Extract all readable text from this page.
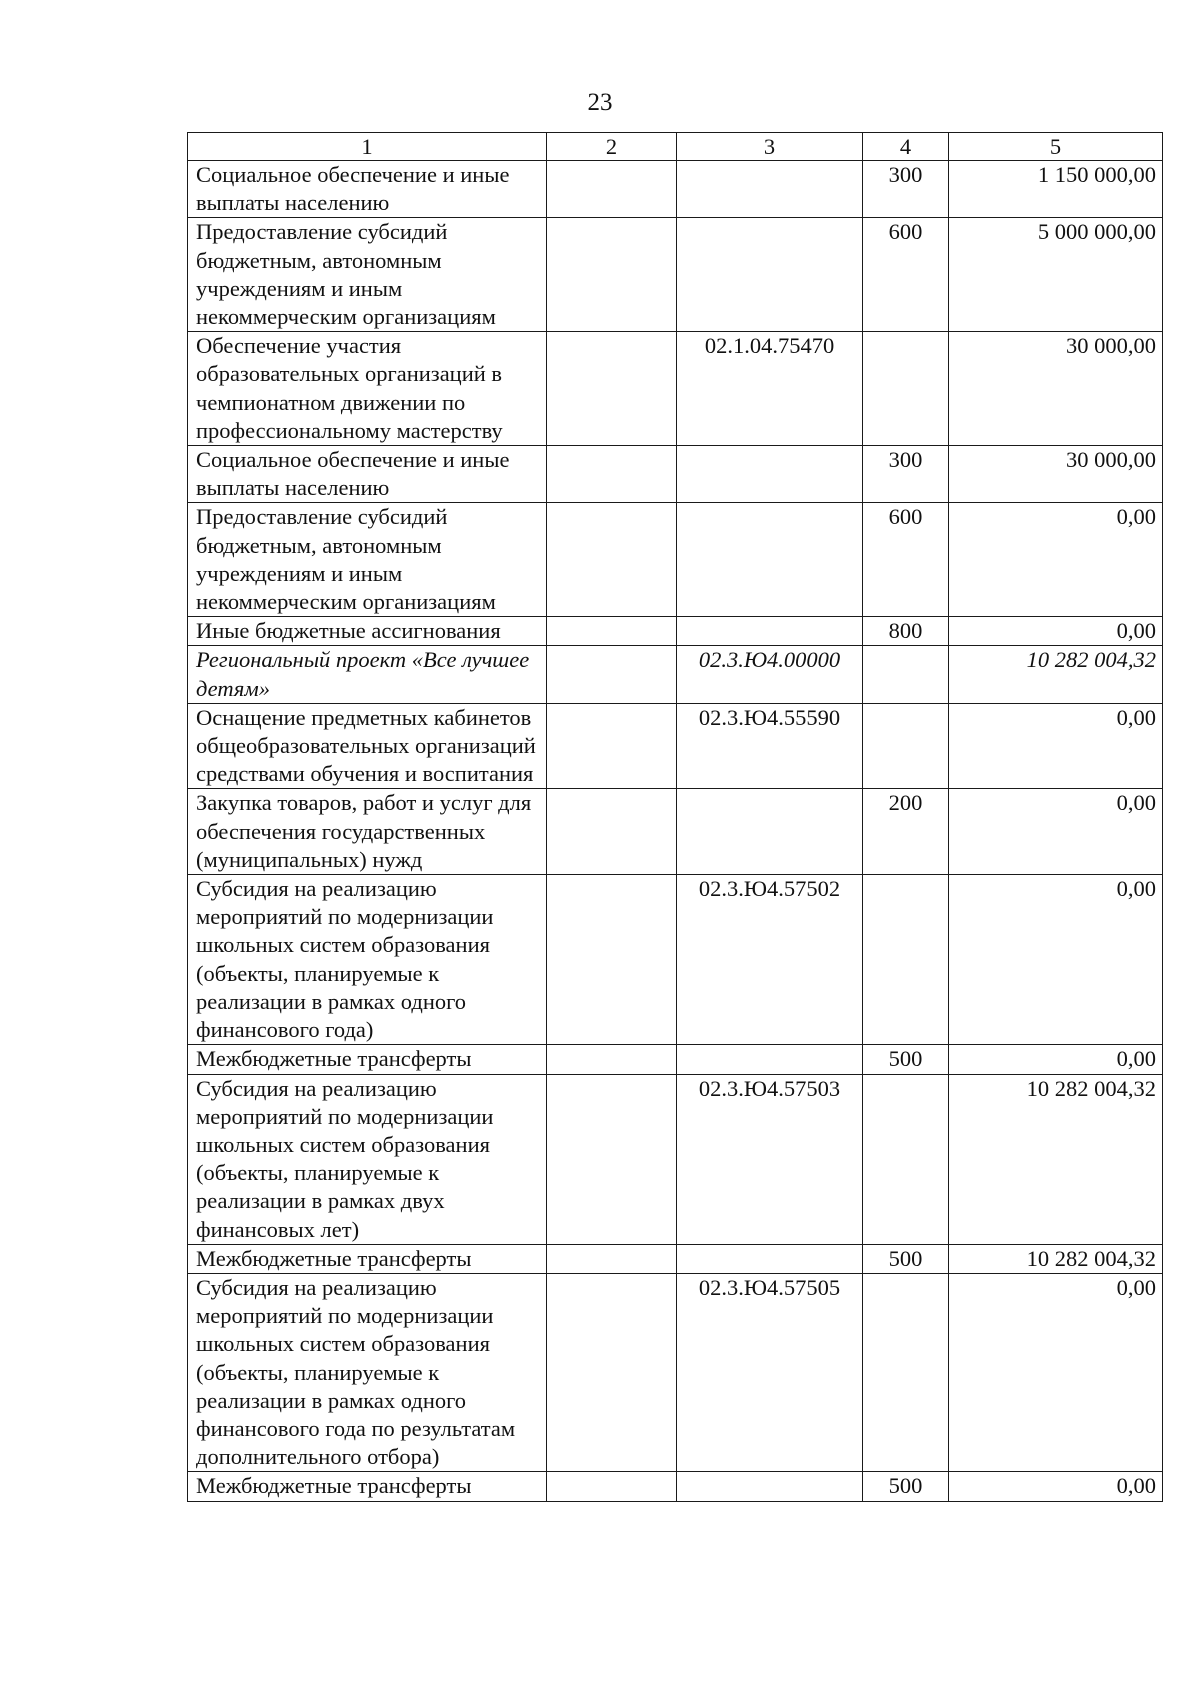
23
1	2	3	4	5
Социальное обеспечение и иные выплаты населению			300	1 150 000,00
Предоставление субсидий бюджетным, автономным учреждениям и иным некоммерческим организациям			600	5 000 000,00
Обеспечение участия образовательных организаций в чемпионатном движении по профессиональному мастерству		02.1.04.75470		30 000,00
Социальное обеспечение и иные выплаты населению			300	30 000,00
Предоставление субсидий бюджетным, автономным учреждениям и иным некоммерческим организациям			600	0,00
Иные бюджетные ассигнования			800	0,00
Региональный проект «Все лучшее детям»		02.3.Ю4.00000		10 282 004,32
Оснащение предметных кабинетов общеобразовательных организаций средствами обучения и воспитания		02.3.Ю4.55590		0,00
Закупка товаров, работ и услуг для обеспечения государственных (муниципальных) нужд			200	0,00
Субсидия на реализацию мероприятий по модернизации школьных систем образования (объекты, планируемые к реализации в рамках одного финансового года)		02.3.Ю4.57502		0,00
Межбюджетные трансферты			500	0,00
Субсидия на реализацию мероприятий по модернизации школьных систем образования (объекты, планируемые к реализации в рамках двух финансовых лет)		02.3.Ю4.57503		10 282 004,32
Межбюджетные трансферты			500	10 282 004,32
Субсидия на реализацию мероприятий по модернизации школьных систем образования (объекты, планируемые к реализации в рамках одного финансового года по результатам дополнительного отбора)		02.3.Ю4.57505		0,00
Межбюджетные трансферты			500	0,00
